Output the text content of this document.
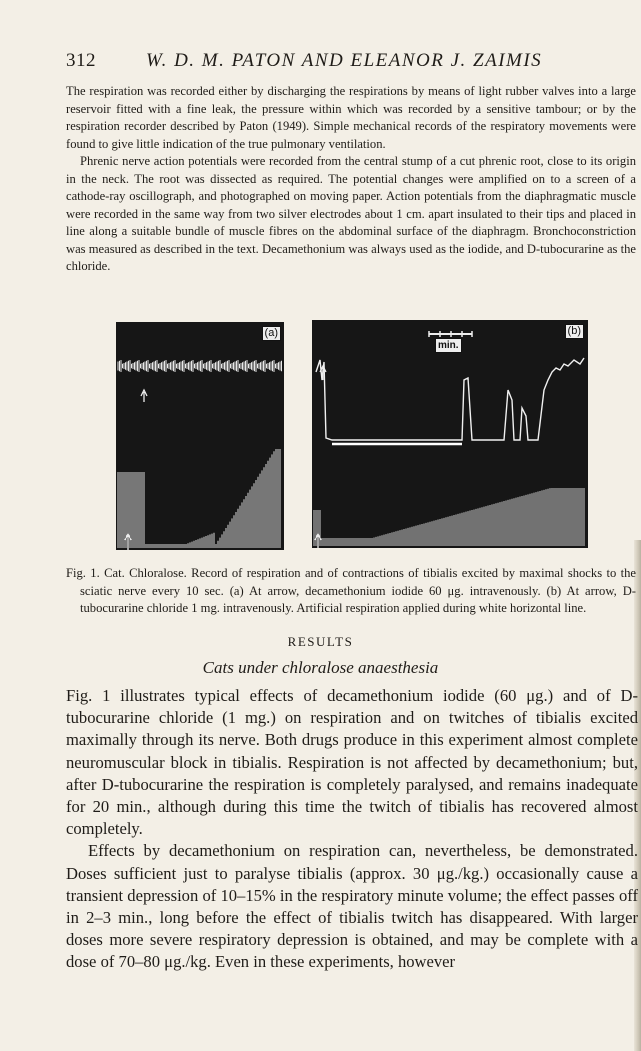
312	W. D. M. PATON AND ELEANOR J. ZAIMIS

The respiration was recorded either by discharging the respirations by means of light rubber valves into a large reservoir fitted with a fine leak, the pressure within which was recorded by a sensitive tambour; or by the respiration recorder described by Paton (1949). Simple mechanical records of the respiratory movements were found to give little indication of the true pulmonary ventilation.

Phrenic nerve action potentials were recorded from the central stump of a cut phrenic root, close to its origin in the neck. The root was dissected as required. The potential changes were amplified on to a screen of a cathode-ray oscillograph, and photographed on moving paper. Action potentials from the diaphragmatic muscle were recorded in the same way from two silver electrodes about 1 cm. apart insulated to their tips and placed in line along a suitable bundle of muscle fibres on the abdominal surface of the diaphragm. Bronchoconstriction was measured as described in the text. Decamethonium was always used as the iodide, and D-tubocurarine as the chloride.

(a)
min.
(b)

Fig. 1. Cat. Chloralose. Record of respiration and of contractions of tibialis excited by maximal shocks to the sciatic nerve every 10 sec. (a) At arrow, decamethonium iodide 60 μg. intravenously. (b) At arrow, D-tubocurarine chloride 1 mg. intravenously. Artificial respiration applied during white horizontal line.

RESULTS
Cats under chloralose anaesthesia

Fig. 1 illustrates typical effects of decamethonium iodide (60 μg.) and of D-tubocurarine chloride (1 mg.) on respiration and on twitches of tibialis excited maximally through its nerve. Both drugs produce in this experiment almost complete neuromuscular block in tibialis. Respiration is not affected by decamethonium; but, after D-tubocurarine the respiration is completely paralysed, and remains inadequate for 20 min., although during this time the twitch of tibialis has recovered almost completely.

Effects by decamethonium on respiration can, nevertheless, be demonstrated. Doses sufficient just to paralyse tibialis (approx. 30 μg./kg.) occasionally cause a transient depression of 10–15% in the respiratory minute volume; the effect passes off in 2–3 min., long before the effect of tibialis twitch has disappeared. With larger doses more severe respiratory depression is obtained, and may be complete with a dose of 70–80 μg./kg. Even in these experiments, however
